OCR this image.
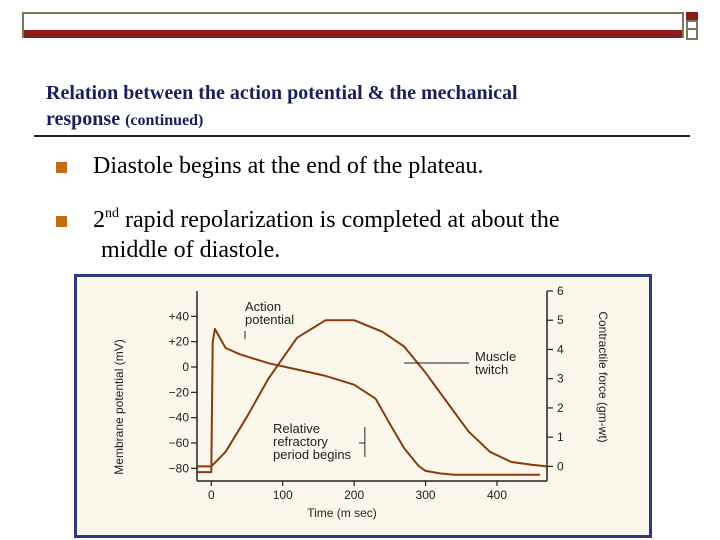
Relation between the action potential & the mechanical
response (continued)
Diastole begins at the end of the plateau.
2nd rapid repolarization is completed at about the
middle of diastole.
0	100	200	300	400
+40
+20
0
−20
−40
−60
−80
6
5
4
3
2
1
0
Membrane potential (mV)	Contractile force (gm-wt)
Time (m sec)
Action potential
Muscle twitch
Relative refractory period begins
